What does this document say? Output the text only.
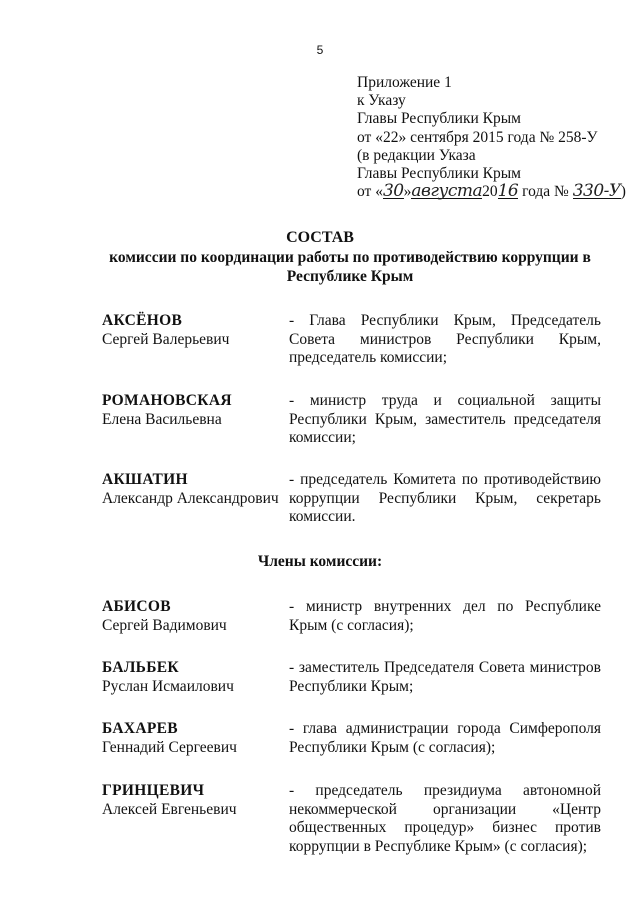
5
Приложение 1
к Указу
Главы Республики Крым
от «22» сентября 2015 года № 258-У
(в редакции Указа
Главы Республики Крым
от «30»августа2016 года № 330-У)
СОСТАВ
комиссии по координации работы по противодействию коррупции в
Республике Крым
АКСЁНОВ
Сергей Валерьевич
- Глава Республики Крым, Председатель Совета министров Республики Крым, председатель комиссии;
РОМАНОВСКАЯ
Елена Васильевна
- министр труда и социальной защиты Республики Крым, заместитель председателя комиссии;
АКШАТИН
Александр Александрович
- председатель Комитета по противодействию коррупции Республики Крым, секретарь комиссии.
Члены комиссии:
АБИСОВ
Сергей Вадимович
- министр внутренних дел по Республике Крым (с согласия);
БАЛЬБЕК
Руслан Исмаилович
- заместитель Председателя Совета министров Республики Крым;
БАХАРЕВ
Геннадий Сергеевич
- глава администрации города Симферополя Республики Крым (с согласия);
ГРИНЦЕВИЧ
Алексей Евгеньевич
- председатель президиума автономной некоммерческой организации «Центр общественных процедур» бизнес против коррупции в Республике Крым» (с согласия);
